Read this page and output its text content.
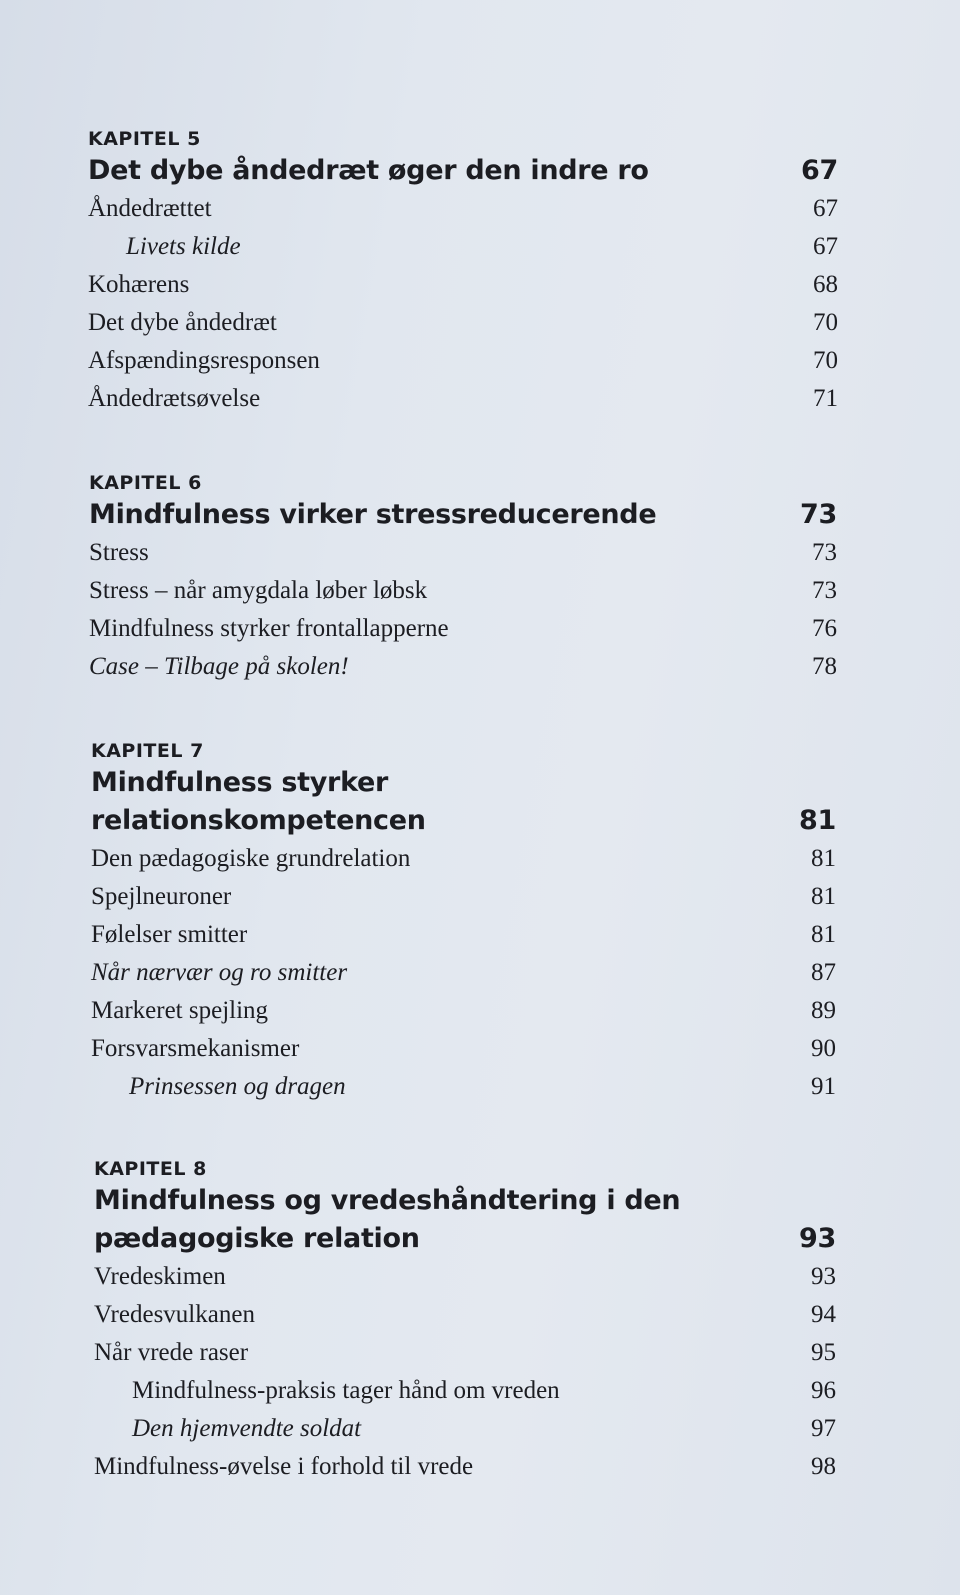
KAPITEL 5
Det dybe åndedræt øger den indre ro	67
Åndedrættet	67
Livets kilde	67
Kohærens	68
Det dybe åndedræt	70
Afspændingsresponsen	70
Åndedrætsøvelse	71
KAPITEL 6
Mindfulness virker stressreducerende	73
Stress	73
Stress – når amygdala løber løbsk	73
Mindfulness styrker frontallapperne	76
Case – Tilbage på skolen!	78
KAPITEL 7
Mindfulness styrker relationskompetencen	81
Den pædagogiske grundrelation	81
Spejlneuroner	81
Følelser smitter	81
Når nærvær og ro smitter	87
Markeret spejling	89
Forsvarsmekanismer	90
Prinsessen og dragen	91
KAPITEL 8
Mindfulness og vredeshåndtering i den pædagogiske relation	93
Vredeskimen	93
Vredesvulkanen	94
Når vrede raser	95
Mindfulness-praksis tager hånd om vreden	96
Den hjemvendte soldat	97
Mindfulness-øvelse i forhold til vrede	98
